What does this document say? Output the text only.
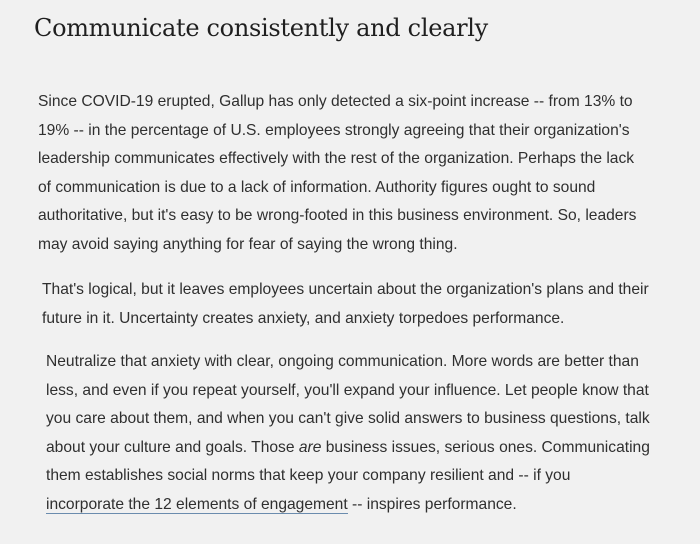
Communicate consistently and clearly

Since COVID-19 erupted, Gallup has only detected a six-point increase -- from 13% to
19% -- in the percentage of U.S. employees strongly agreeing that their organization's
leadership communicates effectively with the rest of the organization. Perhaps the lack
of communication is due to a lack of information. Authority figures ought to sound
authoritative, but it's easy to be wrong-footed in this business environment. So, leaders
may avoid saying anything for fear of saying the wrong thing.

That's logical, but it leaves employees uncertain about the organization's plans and their
future in it. Uncertainty creates anxiety, and anxiety torpedoes performance.

Neutralize that anxiety with clear, ongoing communication. More words are better than
less, and even if you repeat yourself, you'll expand your influence. Let people know that
you care about them, and when you can't give solid answers to business questions, talk
about your culture and goals. Those are business issues, serious ones. Communicating
them establishes social norms that keep your company resilient and -- if you
incorporate the 12 elements of engagement -- inspires performance.
